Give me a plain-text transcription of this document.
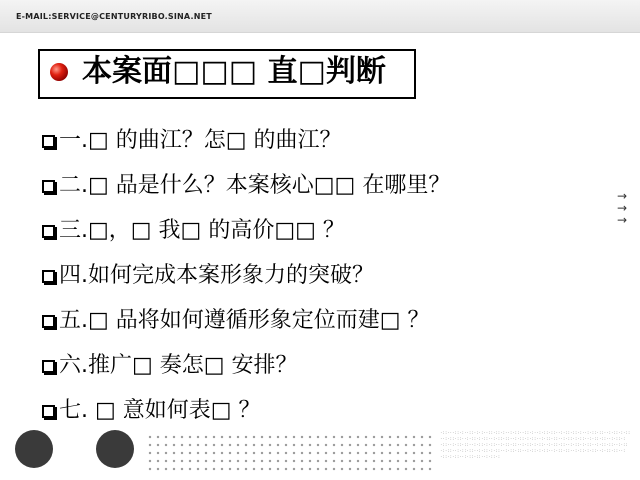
E-MAIL:SERVICE@CENTURYRIBO.SINA.NET
本案面□□□ 直□判断
一.□ 的曲江？怎□ 的曲江？
二.□ 品是什么？本案核心□□ 在哪里？
三.□，□ 我□ 的高价□□ ？
四.如何完成本案形象力的突破？
五.□ 品将如何遵循形象定位而建□ ？
六.推广□ 奏怎□ 安排？
七. □ 意如何表□ ？
→
→
→
·::···::·:··::·:·:··::·::·:··:·::··::·:··:·::·::··:·::·::·:··:·::·::··:·::·:·::··:·::·::··:·::·:·::··:·::·::··:·::·:·::··:·::·::··:·::·:·::··:·::·::··:·::·:·::··:·::·::··:·::·:·::··:·::·::··:·::·:·::··:·::·::··:·::·:·::··:·::·::··:·::·:·::··:·::·::··:·::·:·::··:·::·::··:·::·:·::··:·::·::··:·::·:·::··:·::·::··:·::·:·::··:·::·::··:·::·:
